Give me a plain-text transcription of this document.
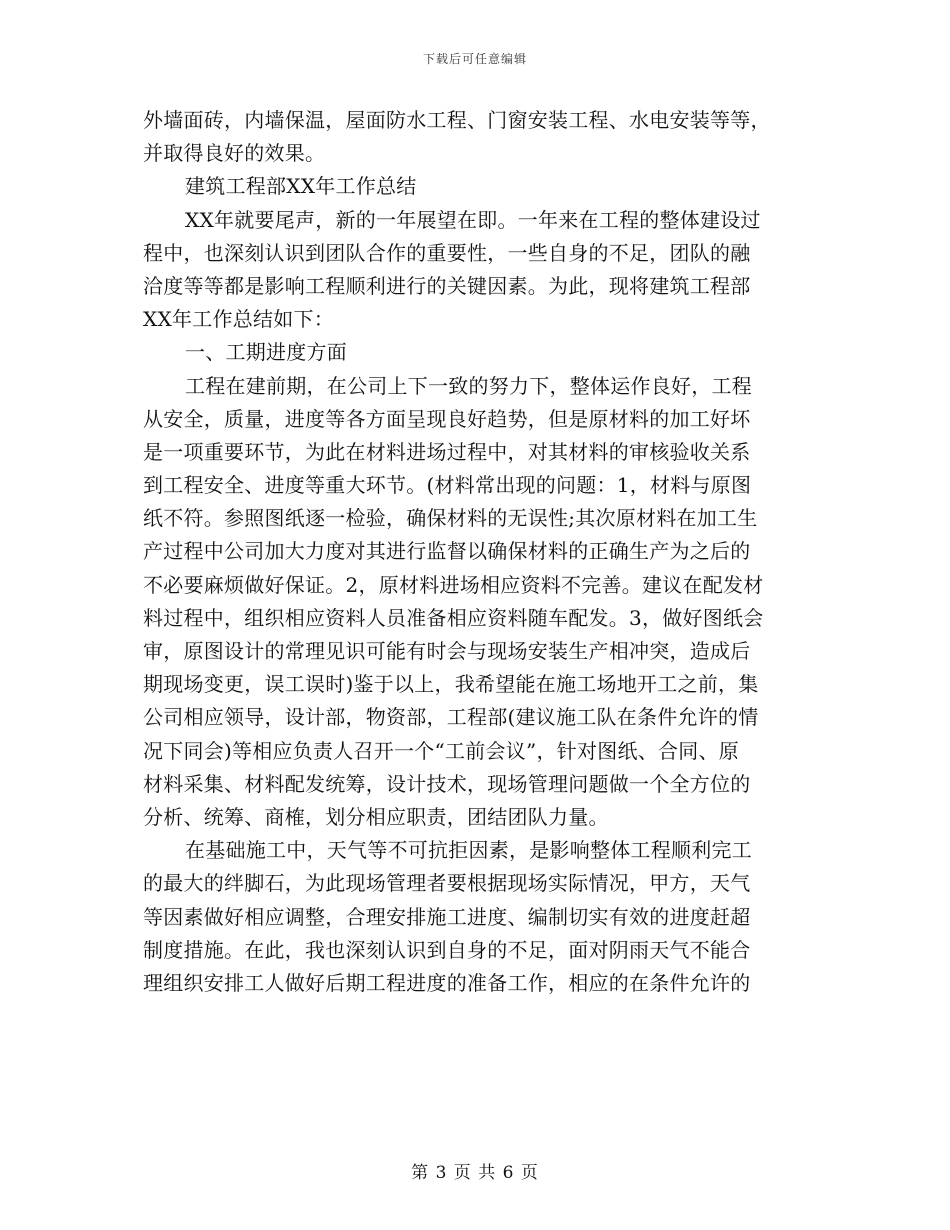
下载后可任意编辑
外墙面砖，内墙保温，屋面防水工程、门窗安装工程、水电安装等等，
并取得良好的效果。
建筑工程部XX年工作总结
XX年就要尾声，新的一年展望在即。一年来在工程的整体建设过
程中，也深刻认识到团队合作的重要性，一些自身的不足，团队的融
洽度等等都是影响工程顺利进行的关键因素。为此，现将建筑工程部
XX年工作总结如下：
一、工期进度方面
工程在建前期，在公司上下一致的努力下，整体运作良好，工程
从安全，质量，进度等各方面呈现良好趋势，但是原材料的加工好坏
是一项重要环节，为此在材料进场过程中，对其材料的审核验收关系
到工程安全、进度等重大环节。(材料常出现的问题：1，材料与原图
纸不符。参照图纸逐一检验，确保材料的无误性;其次原材料在加工生
产过程中公司加大力度对其进行监督以确保材料的正确生产为之后的
不必要麻烦做好保证。2，原材料进场相应资料不完善。建议在配发材
料过程中，组织相应资料人员准备相应资料随车配发。3，做好图纸会
审，原图设计的常理见识可能有时会与现场安装生产相冲突，造成后
期现场变更，误工误时)鉴于以上，我希望能在施工场地开工之前，集
公司相应领导，设计部，物资部，工程部(建议施工队在条件允许的情
况下同会)等相应负责人召开一个“工前会议”，针对图纸、合同、原
材料采集、材料配发统筹，设计技术，现场管理问题做一个全方位的
分析、统筹、商榷，划分相应职责，团结团队力量。
在基础施工中，天气等不可抗拒因素，是影响整体工程顺利完工
的最大的绊脚石，为此现场管理者要根据现场实际情况，甲方，天气
等因素做好相应调整，合理安排施工进度、编制切实有效的进度赶超
制度措施。在此，我也深刻认识到自身的不足，面对阴雨天气不能合
理组织安排工人做好后期工程进度的准备工作，相应的在条件允许的
第 3 页 共 6 页
